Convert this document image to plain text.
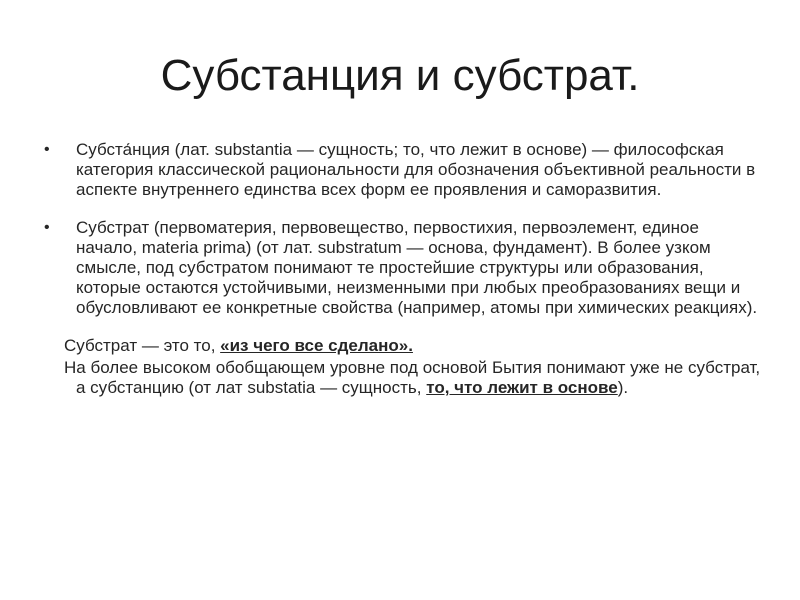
Субстанция и субстрат.
• Субста́нция (лат. substantia — сущность; то, что лежит в основе) — философская категория классической рациональности для обозначения объективной реальности в аспекте внутреннего единства всех форм ее проявления и саморазвития.

• Субстрат (первоматерия, первовещество, первостихия, первоэлемент, единое начало, materia prima) (от лат. substratum — основа, фундамент). В более узком смысле, под субстратом понимают те простейшие структуры или образования, которые остаются устойчивыми, неизменными при любых преобразованиях вещи и обусловливают ее конкретные свойства (например, атомы при химических реакциях).

Субстрат — это то, «из чего все сделано».

На более высоком обобщающем уровне под основой Бытия понимают уже не субстрат, а субстанцию (от лат substatia — сущность, то, что лежит в основе).
